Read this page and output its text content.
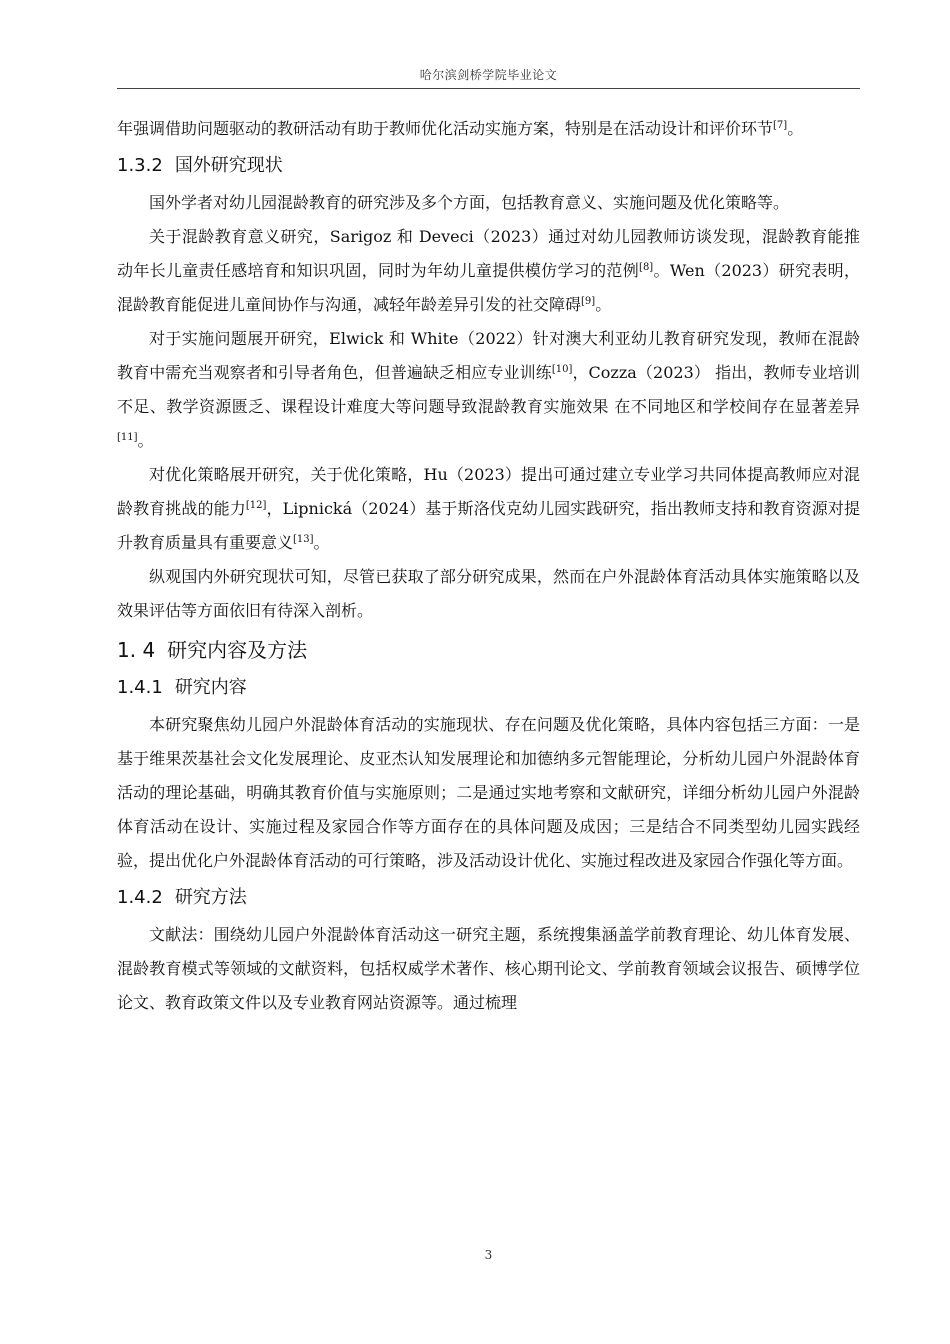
哈尔滨剑桥学院毕业论文

年强调借助问题驱动的教研活动有助于教师优化活动实施方案，特别是在活动设计和评价环节[7]。

1.3.2 国外研究现状

国外学者对幼儿园混龄教育的研究涉及多个方面，包括教育意义、实施问题及优化策略等。

关于混龄教育意义研究，Sarigoz 和 Deveci（2023）通过对幼儿园教师访谈发现，混龄教育能推动年长儿童责任感培育和知识巩固，同时为年幼儿童提供模仿学习的范例[8]。Wen（2023）研究表明，混龄教育能促进儿童间协作与沟通，减轻年龄差异引发的社交障碍[9]。

对于实施问题展开研究，Elwick 和 White（2022）针对澳大利亚幼儿教育研究发现，教师在混龄教育中需充当观察者和引导者角色，但普遍缺乏相应专业训练[10]，Cozza（2023） 指出，教师专业培训不足、教学资源匮乏、课程设计难度大等问题导致混龄教育实施效果 在不同地区和学校间存在显著差异[11]。

对优化策略展开研究，关于优化策略，Hu（2023）提出可通过建立专业学习共同体提高教师应对混龄教育挑战的能力[12]，Lipnická（2024）基于斯洛伐克幼儿园实践研究，指出教师支持和教育资源对提升教育质量具有重要意义[13]。

纵观国内外研究现状可知，尽管已获取了部分研究成果，然而在户外混龄体育活动具体实施策略以及效果评估等方面依旧有待深入剖析。

1. 4 研究内容及方法
1.4.1 研究内容

本研究聚焦幼儿园户外混龄体育活动的实施现状、存在问题及优化策略，具体内容包括三方面：一是基于维果茨基社会文化发展理论、皮亚杰认知发展理论和加德纳多元智能理论，分析幼儿园户外混龄体育活动的理论基础，明确其教育价值与实施原则；二是通过实地考察和文献研究，详细分析幼儿园户外混龄体育活动在设计、实施过程及家园合作等方面存在的具体问题及成因；三是结合不同类型幼儿园实践经验，提出优化户外混龄体育活动的可行策略，涉及活动设计优化、实施过程改进及家园合作强化等方面。

1.4.2 研究方法

文献法：围绕幼儿园户外混龄体育活动这一研究主题，系统搜集涵盖学前教育理论、幼儿体育发展、混龄教育模式等领域的文献资料，包括权威学术著作、核心期刊论文、学前教育领域会议报告、硕博学位论文、教育政策文件以及专业教育网站资源等。通过梳理

3
